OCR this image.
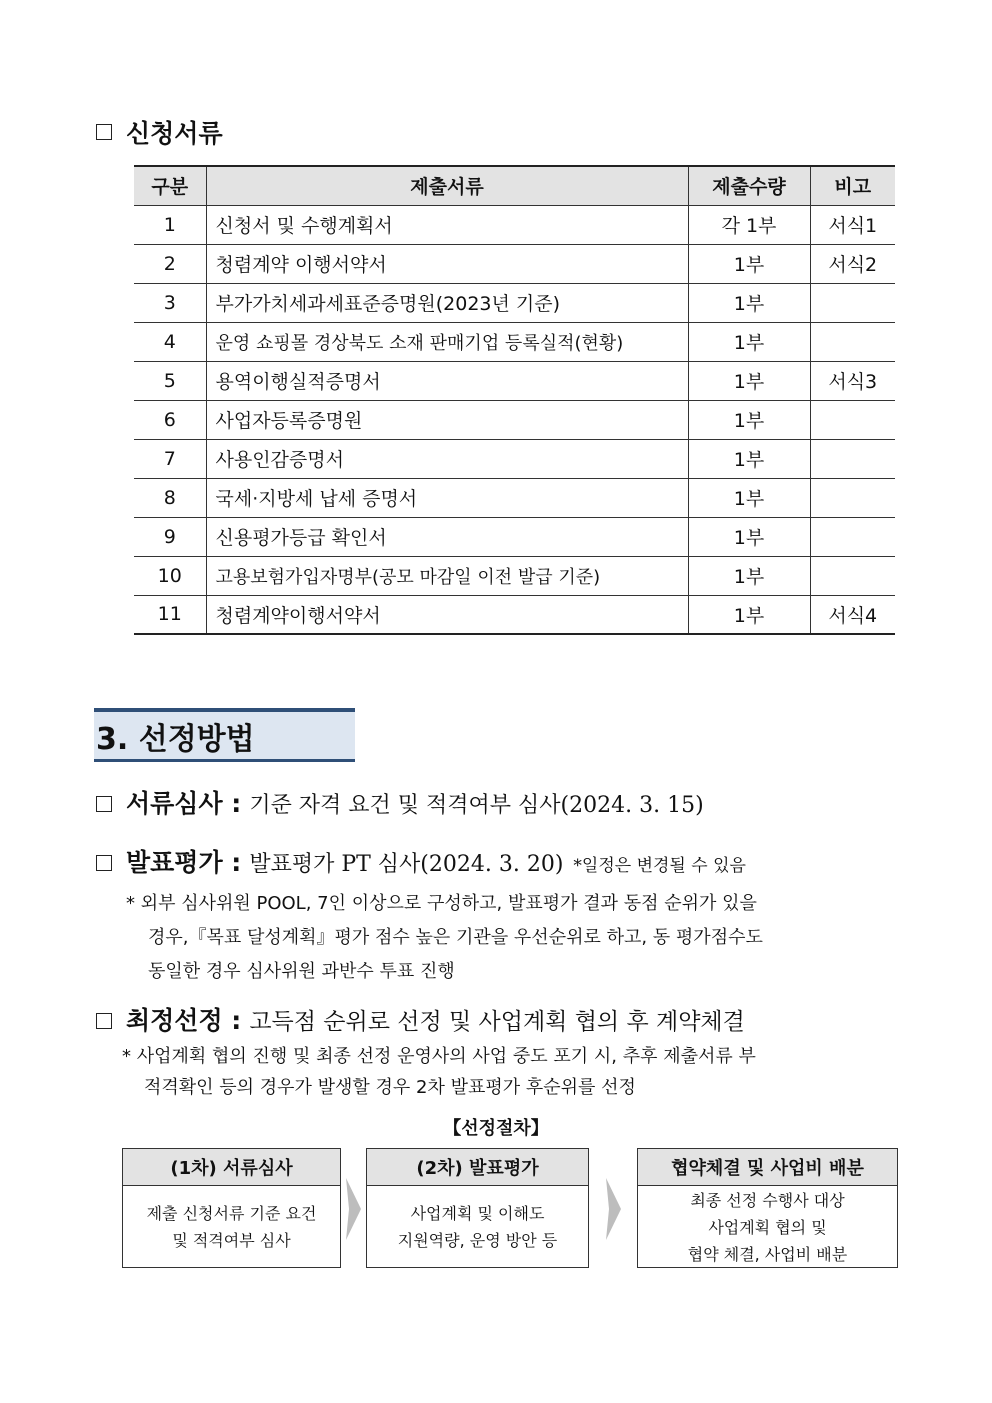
신청서류
구분	제출서류	제출수량	비고
1	신청서 및 수행계획서	각 1부	서식1
2	청렴계약 이행서약서	1부	서식2
3	부가가치세과세표준증명원(2023년 기준)	1부	
4	운영 쇼핑몰 경상북도 소재 판매기업 등록실적(현황)	1부	
5	용역이행실적증명서	1부	서식3
6	사업자등록증명원	1부	
7	사용인감증명서	1부	
8	국세·지방세 납세 증명서	1부	
9	신용평가등급 확인서	1부	
10	고용보험가입자명부(공모 마감일 이전 발급 기준)	1부	
11	청렴계약이행서약서	1부	서식4
3. 선정방법
서류심사 : 기준 자격 요건 및 적격여부 심사(2024. 3. 15)
발표평가 : 발표평가 PT 심사(2024. 3. 20) *일정은 변경될 수 있음

* 외부 심사위원 POOL, 7인 이상으로 구성하고, 발표평가 결과 동점 순위가 있을

경우,『목표 달성계획』평가 점수 높은 기관을 우선순위로 하고, 동 평가점수도

동일한 경우 심사위원 과반수 투표 진행

최정선정 : 고득점 순위로 선정 및 사업계획 협의 후 계약체결

* 사업계획 협의 진행 및 최종 선정 운영사의 사업 중도 포기 시, 추후 제출서류 부

적격확인 등의 경우가 발생할 경우 2차 발표평가 후순위를 선정

【선정절차】
(1차) 서류심사
제출 신청서류 기준 요건
및 적격여부 심사
(2차) 발표평가
사업계획 및 이해도
지원역량, 운영 방안 등
협약체결 및 사업비 배분
최종 선정 수행사 대상
사업계획 협의 및
협약 체결, 사업비 배분
